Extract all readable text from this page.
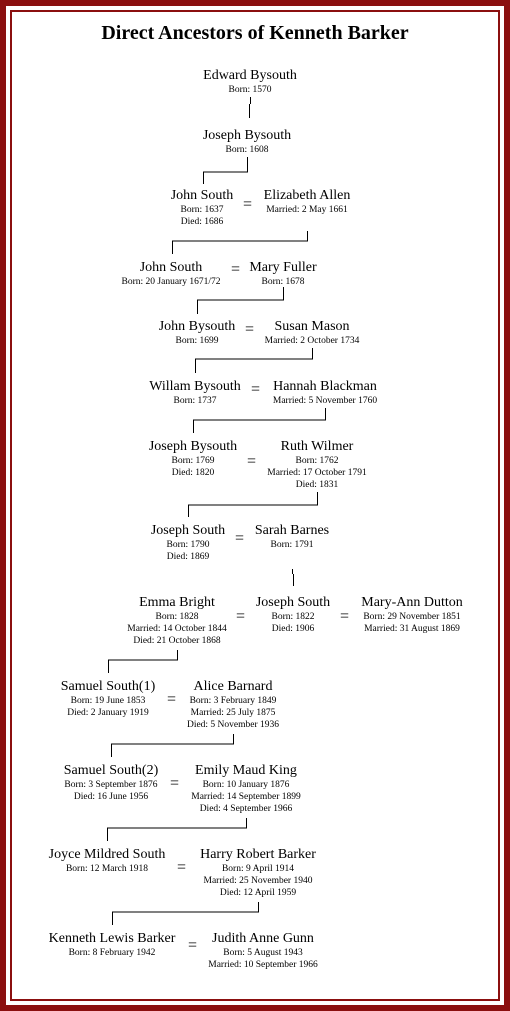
Direct Ancestors of Kenneth Barker
Edward Bysouth
Born: 1570
Joseph Bysouth
Born: 1608
John South
Born: 1637
Died: 1686
Elizabeth Allen
Married: 2 May 1661
John South
Born: 20 January 1671/72
Mary Fuller
Born: 1678
John Bysouth
Born: 1699
Susan Mason
Married: 2 October 1734
Willam Bysouth
Born: 1737
Hannah Blackman
Married: 5 November 1760
Joseph Bysouth
Born: 1769
Died: 1820
Ruth Wilmer
Born: 1762
Married: 17 October 1791
Died: 1831
Joseph South
Born: 1790
Died: 1869
Sarah Barnes
Born: 1791
Emma Bright
Born: 1828
Married: 14 October 1844
Died: 21 October 1868
Joseph South
Born: 1822
Died: 1906
Mary-Ann Dutton
Born: 29 November 1851
Married: 31 August 1869
Samuel South(1)
Born: 19 June 1853
Died: 2 January 1919
Alice Barnard
Born: 3 February 1849
Married: 25 July 1875
Died: 5 November 1936
Samuel South(2)
Born: 3 September 1876
Died: 16 June 1956
Emily Maud King
Born: 10 January 1876
Married: 14 September 1899
Died: 4 September 1966
Joyce Mildred South
Born: 12 March 1918
Harry Robert Barker
Born: 9 April 1914
Married: 25 November 1940
Died: 12 April 1959
Kenneth Lewis Barker
Born: 8 February 1942
Judith Anne Gunn
Born: 5 August 1943
Married: 10 September 1966
=
=
=
=
=
=
=	=
=
=
=
=
